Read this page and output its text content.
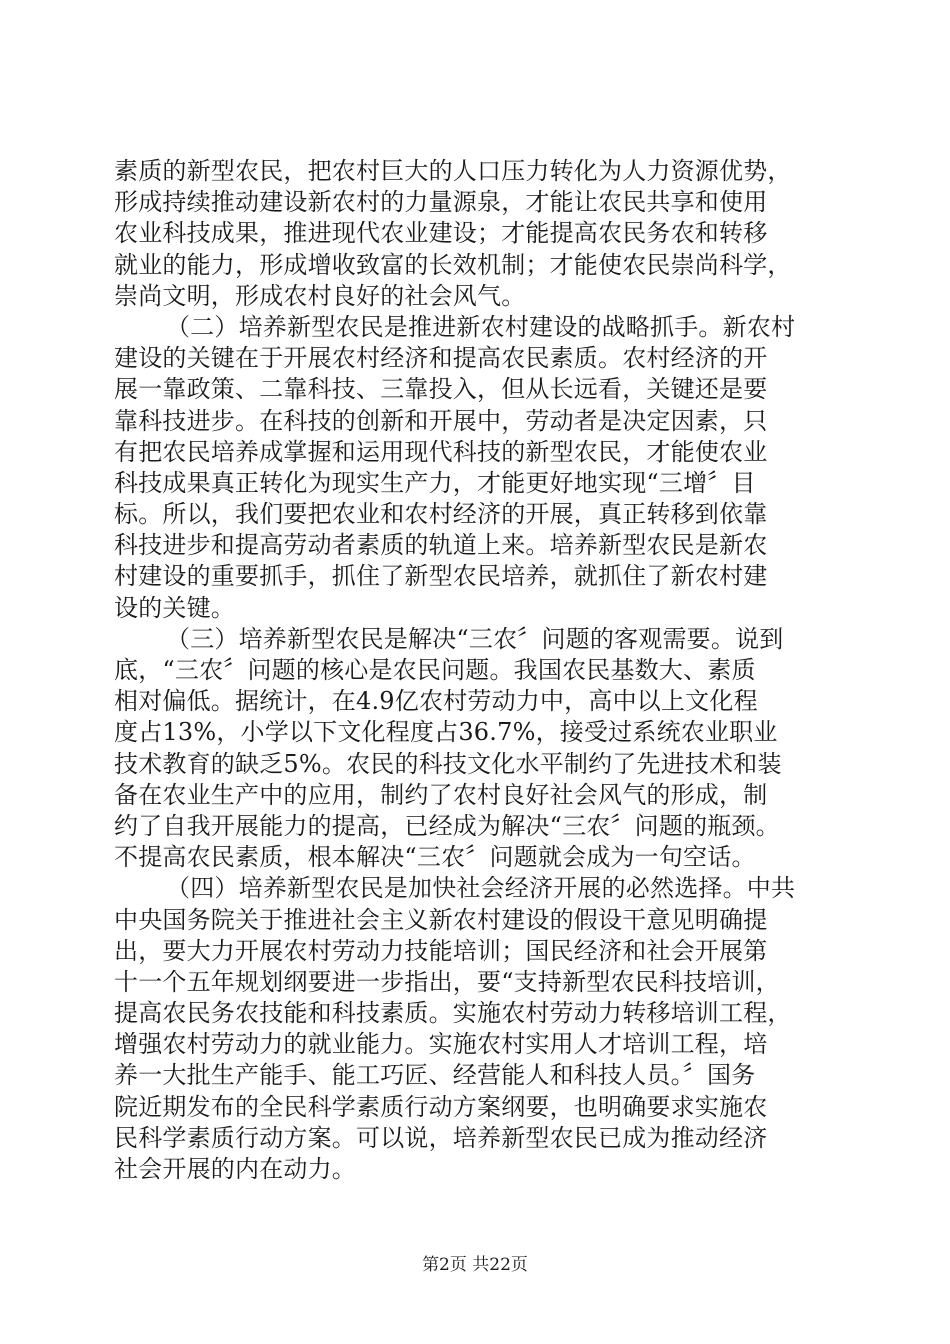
素质的新型农民，把农村巨大的人口压力转化为人力资源优势，
形成持续推动建设新农村的力量源泉，才能让农民共享和使用
农业科技成果，推进现代农业建设；才能提高农民务农和转移
就业的能力，形成增收致富的长效机制；才能使农民崇尚科学，
崇尚文明，形成农村良好的社会风气。
（二）培养新型农民是推进新农村建设的战略抓手。新农村
建设的关键在于开展农村经济和提高农民素质。农村经济的开
展一靠政策、二靠科技、三靠投入，但从长远看，关键还是要
靠科技进步。在科技的创新和开展中，劳动者是决定因素，只
有把农民培养成掌握和运用现代科技的新型农民，才能使农业
科技成果真正转化为现实生产力，才能更好地实现“三增〞目
标。所以，我们要把农业和农村经济的开展，真正转移到依靠
科技进步和提高劳动者素质的轨道上来。培养新型农民是新农
村建设的重要抓手，抓住了新型农民培养，就抓住了新农村建
设的关键。
（三）培养新型农民是解决“三农〞问题的客观需要。说到
底，“三农〞问题的核心是农民问题。我国农民基数大、素质
相对偏低。据统计，在4.9亿农村劳动力中，高中以上文化程
度占13%，小学以下文化程度占36.7%，接受过系统农业职业
技术教育的缺乏5%。农民的科技文化水平制约了先进技术和装
备在农业生产中的应用，制约了农村良好社会风气的形成，制
约了自我开展能力的提高，已经成为解决“三农〞问题的瓶颈。
不提高农民素质，根本解决“三农〞问题就会成为一句空话。
（四）培养新型农民是加快社会经济开展的必然选择。中共
中央国务院关于推进社会主义新农村建设的假设干意见明确提
出，要大力开展农村劳动力技能培训；国民经济和社会开展第
十一个五年规划纲要进一步指出，要“支持新型农民科技培训，
提高农民务农技能和科技素质。实施农村劳动力转移培训工程，
增强农村劳动力的就业能力。实施农村实用人才培训工程，培
养一大批生产能手、能工巧匠、经营能人和科技人员。〞国务
院近期发布的全民科学素质行动方案纲要，也明确要求实施农
民科学素质行动方案。可以说，培养新型农民已成为推动经济
社会开展的内在动力。
第2页 共22页
